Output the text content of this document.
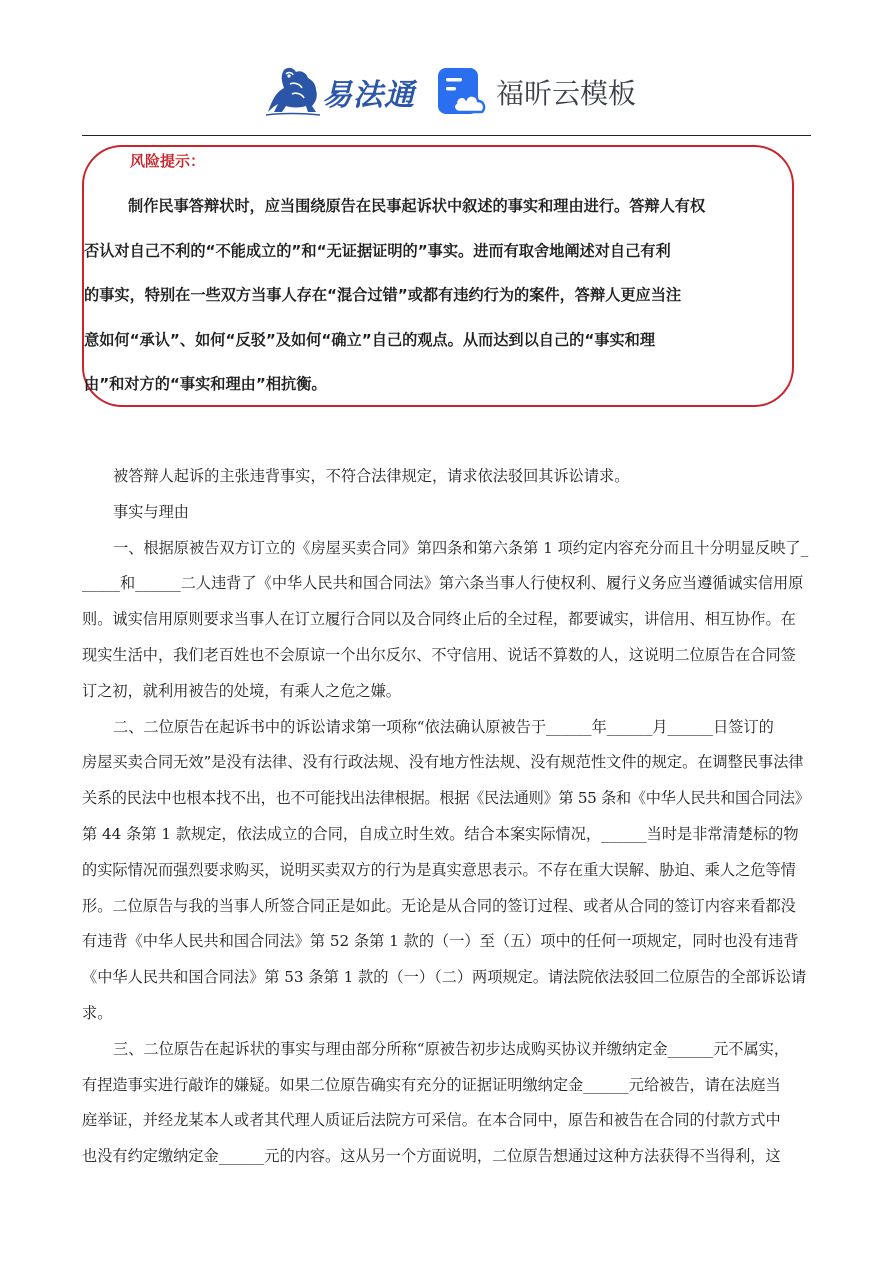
易法通	福昕云模板
风险提示：
制作民事答辩状时，应当围绕原告在民事起诉状中叙述的事实和理由进行。答辩人有权
否认对自己不利的“不能成立的”和“无证据证明的”事实。进而有取舍地阐述对自己有利
的事实，特别在一些双方当事人存在“混合过错”或都有违约行为的案件，答辩人更应当注
意如何“承认”、如何“反驳”及如何“确立”自己的观点。从而达到以自己的“事实和理
由”和对方的“事实和理由”相抗衡。
被答辩人起诉的主张违背事实，不符合法律规定，请求依法驳回其诉讼请求。
事实与理由
一、根据原被告双方订立的《房屋买卖合同》第四条和第六条第 1 项约定内容充分而且十分明显反映了_
_____和______二人违背了《中华人民共和国合同法》第六条当事人行使权利、履行义务应当遵循诚实信用原
则。诚实信用原则要求当事人在订立履行合同以及合同终止后的全过程，都要诚实，讲信用、相互协作。在
现实生活中，我们老百姓也不会原谅一个出尔反尔、不守信用、说话不算数的人，这说明二位原告在合同签
订之初，就利用被告的处境，有乘人之危之嫌。
二、二位原告在起诉书中的诉讼请求第一项称“依法确认原被告于______年______月______日签订的
房屋买卖合同无效”是没有法律、没有行政法规、没有地方性法规、没有规范性文件的规定。在调整民事法律
关系的民法中也根本找不出，也不可能找出法律根据。根据《民法通则》第 55 条和《中华人民共和国合同法》
第 44 条第 1 款规定，依法成立的合同，自成立时生效。结合本案实际情况，______当时是非常清楚标的物
的实际情况而强烈要求购买，说明买卖双方的行为是真实意思表示。不存在重大误解、胁迫、乘人之危等情
形。二位原告与我的当事人所签合同正是如此。无论是从合同的签订过程、或者从合同的签订内容来看都没
有违背《中华人民共和国合同法》第 52 条第 1 款的（一）至（五）项中的任何一项规定，同时也没有违背
《中华人民共和国合同法》第 53 条第 1 款的（一）（二）两项规定。请法院依法驳回二位原告的全部诉讼请
求。
三、二位原告在起诉状的事实与理由部分所称“原被告初步达成购买协议并缴纳定金______元不属实，
有捏造事实进行敲诈的嫌疑。如果二位原告确实有充分的证据证明缴纳定金______元给被告，请在法庭当
庭举证，并经龙某本人或者其代理人质证后法院方可采信。在本合同中，原告和被告在合同的付款方式中
也没有约定缴纳定金______元的内容。这从另一个方面说明，二位原告想通过这种方法获得不当得利，这
